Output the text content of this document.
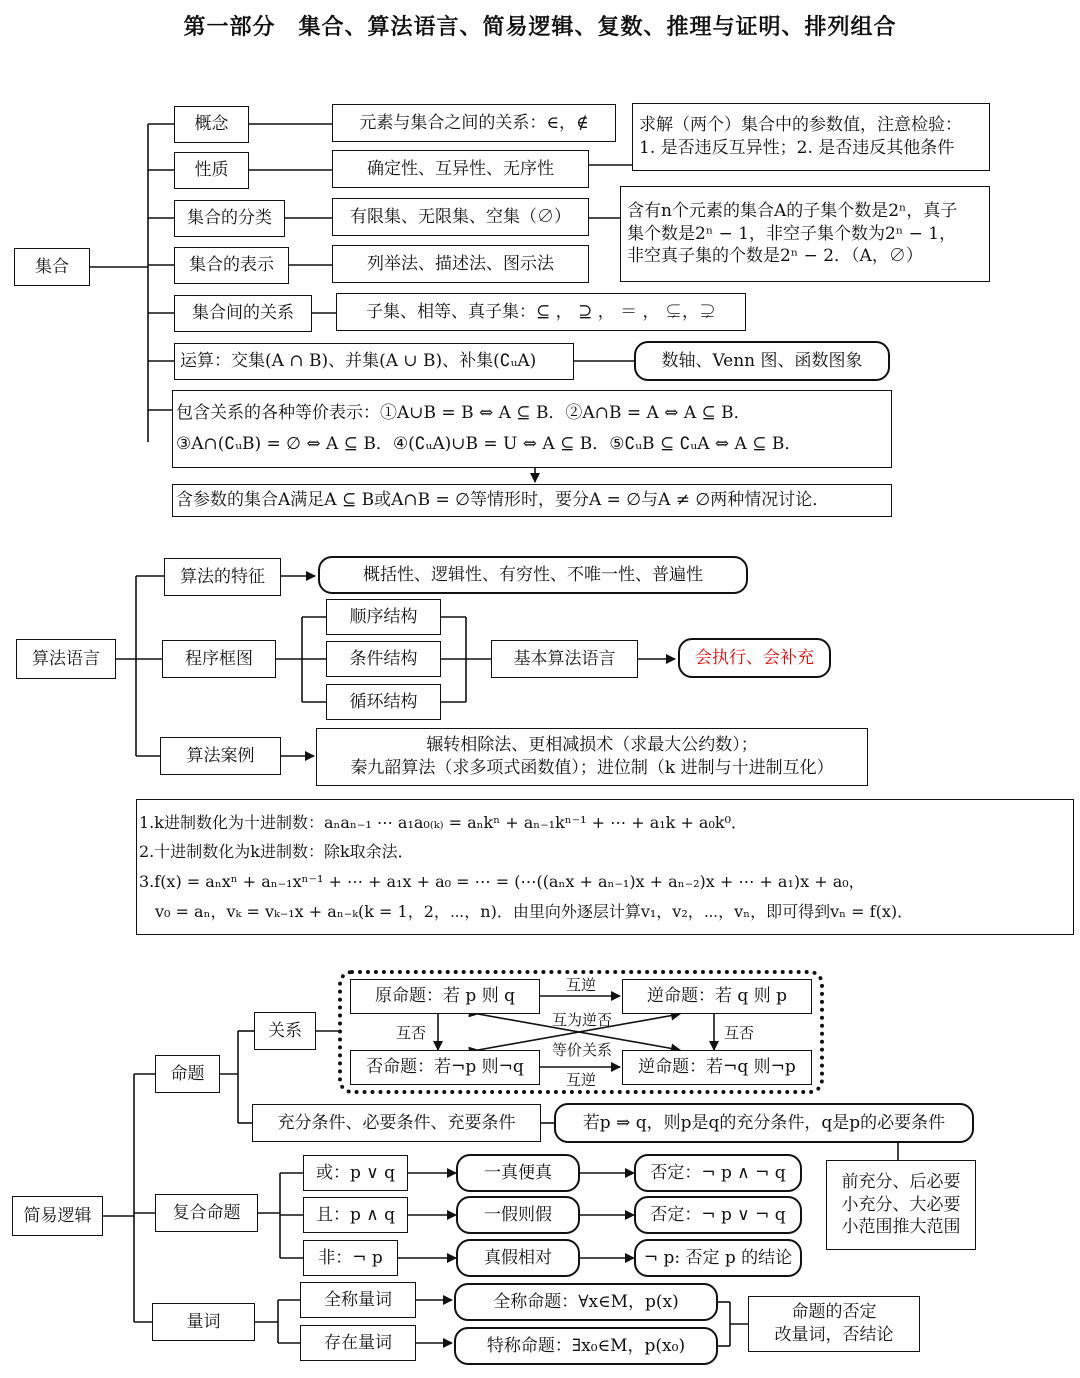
第一部分　集合、算法语言、简易逻辑、复数、推理与证明、排列组合
集合
概念	元素与集合之间的关系：∈，∉	求解（两个）集合中的参数值，注意检验：
1. 是否违反互异性；2. 是否违反其他条件
性质	确定性、互异性、无序性
集合的分类	有限集、无限集、空集（∅）	含有n个元素的集合A的子集个数是2ⁿ，真子
集个数是2ⁿ − 1，非空子集个数为2ⁿ − 1，
非空真子集的个数是2ⁿ − 2．（A，∅）
集合的表示	列举法、描述法、图示法
集合间的关系	子集、相等、真子集：⊆ ， ⊇ ， ＝ ， ⊊，⊋
运算：交集(A ∩ B)、并集(A ∪ B)、补集(∁ᵤA)	数轴、Venn 图、函数图象
包含关系的各种等价表示：①A∪B = B ⇔ A ⊆ B．②A∩B = A ⇔ A ⊆ B．
③A∩(∁ᵤB) = ∅ ⇔ A ⊆ B．④(∁ᵤA)∪B = U ⇔ A ⊆ B．⑤∁ᵤB ⊆ ∁ᵤA ⇔ A ⊆ B．
含参数的集合A满足A ⊆ B或A∩B = ∅等情形时，要分A = ∅与A ≠ ∅两种情况讨论．
算法语言
算法的特征	概括性、逻辑性、有穷性、不唯一性、普遍性
程序框图
顺序结构
条件结构
循环结构
基本算法语言	会执行、会补充
算法案例
辗转相除法、更相减损术（求最大公约数）；
秦九韶算法（求多项式函数值）；进位制（k 进制与十进制互化）
1.k进制数化为十进制数：aₙaₙ₋₁ ⋯ a₁a₀₍ₖ₎ = aₙkⁿ + aₙ₋₁kⁿ⁻¹ + ⋯ + a₁k + a₀k⁰．
2.十进制数化为k进制数：除k取余法．
3.f(x) = aₙxⁿ + aₙ₋₁xⁿ⁻¹ + ⋯ + a₁x + a₀ = ⋯ = (⋯((aₙx + aₙ₋₁)x + aₙ₋₂)x + ⋯ + a₁)x + a₀，
　v₀ = aₙ，vₖ = vₖ₋₁x + aₙ₋ₖ(k = 1，2，⋯，n)．由里向外逐层计算v₁，v₂，⋯，vₙ，即可得到vₙ = f(x)．
简易逻辑
命题
关系
原命题：若 p 则 q	逆命题：若 q 则 p
否命题：若¬p 则¬q	逆命题：若¬q 则¬p
互逆
互逆
互否	互否
互为逆否
等价关系
充分条件、必要条件、充要条件	若p ⇒ q，则p是q的充分条件，q是p的必要条件
前充分、后必要
小充分、大必要
小范围推大范围
复合命题
或：p ∨ q	一真便真	否定：¬ p ∧ ¬ q
且：p ∧ q	一假则假	否定：¬ p ∨ ¬ q
非：¬ p	真假相对	¬ p: 否定 p 的结论
量词
全称量词	全称命题：∀x∈M，p(x)
存在量词	特称命题：∃x₀∈M，p(x₀)
命题的否定
改量词，否结论
